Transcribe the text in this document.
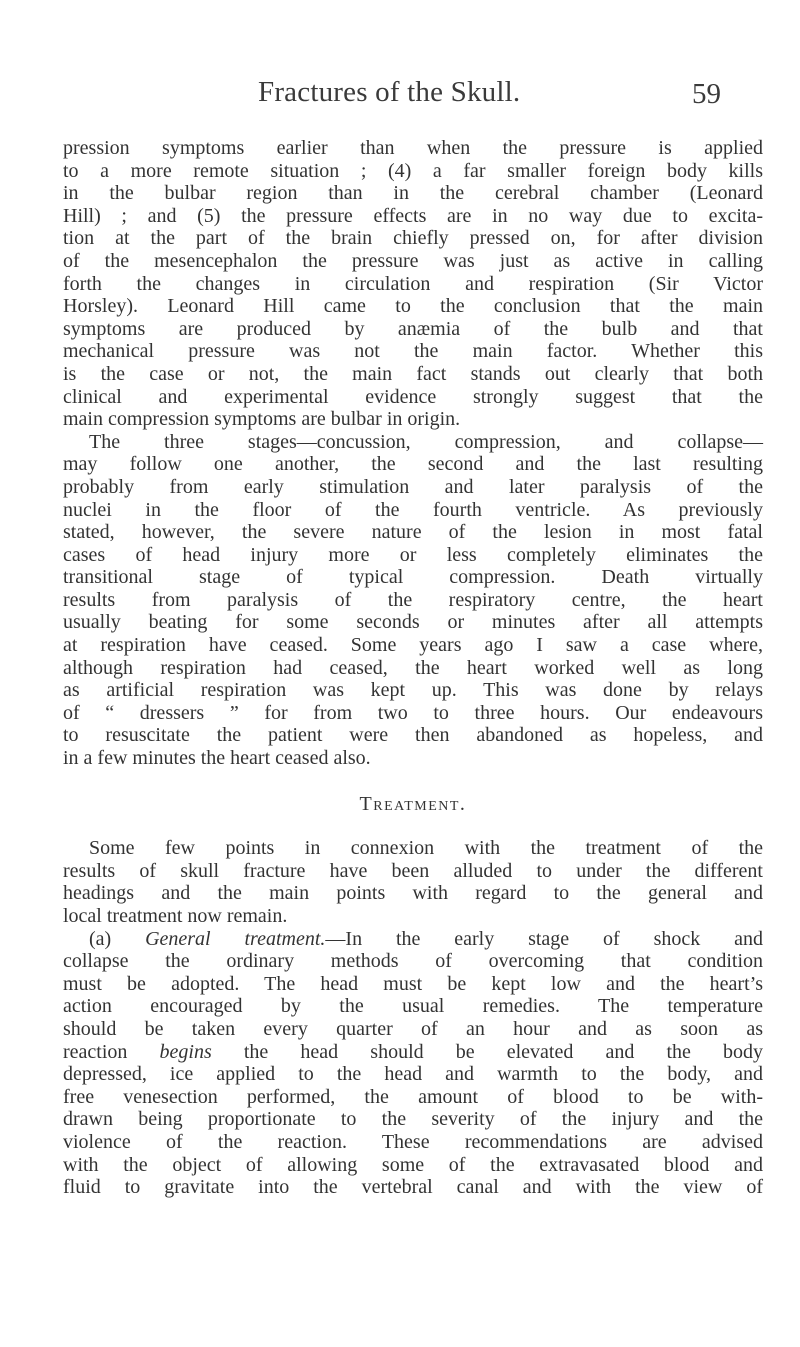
Fractures of the Skull.	59
pression symptoms earlier than when the pressure is applied
to a more remote situation ; (4) a far smaller foreign body kills
in the bulbar region than in the cerebral chamber (Leonard
Hill) ; and (5) the pressure effects are in no way due to excita-
tion at the part of the brain chiefly pressed on, for after division
of the mesencephalon the pressure was just as active in calling
forth the changes in circulation and respiration (Sir Victor
Horsley). Leonard Hill came to the conclusion that the main
symptoms are produced by anæmia of the bulb and that
mechanical pressure was not the main factor. Whether this
is the case or not, the main fact stands out clearly that both
clinical and experimental evidence strongly suggest that the
main compression symptoms are bulbar in origin.
The three stages—concussion, compression, and collapse—
may follow one another, the second and the last resulting
probably from early stimulation and later paralysis of the
nuclei in the floor of the fourth ventricle. As previously
stated, however, the severe nature of the lesion in most fatal
cases of head injury more or less completely eliminates the
transitional stage of typical compression. Death virtually
results from paralysis of the respiratory centre, the heart
usually beating for some seconds or minutes after all attempts
at respiration have ceased. Some years ago I saw a case where,
although respiration had ceased, the heart worked well as long
as artificial respiration was kept up. This was done by relays
of “ dressers ” for from two to three hours. Our endeavours
to resuscitate the patient were then abandoned as hopeless, and
in a few minutes the heart ceased also.
Treatment.
Some few points in connexion with the treatment of the
results of skull fracture have been alluded to under the different
headings and the main points with regard to the general and
local treatment now remain.
(a) General treatment.—In the early stage of shock and
collapse the ordinary methods of overcoming that condition
must be adopted. The head must be kept low and the heart’s
action encouraged by the usual remedies. The temperature
should be taken every quarter of an hour and as soon as
reaction begins the head should be elevated and the body
depressed, ice applied to the head and warmth to the body, and
free venesection performed, the amount of blood to be with-
drawn being proportionate to the severity of the injury and the
violence of the reaction. These recommendations are advised
with the object of allowing some of the extravasated blood and
fluid to gravitate into the vertebral canal and with the view of
